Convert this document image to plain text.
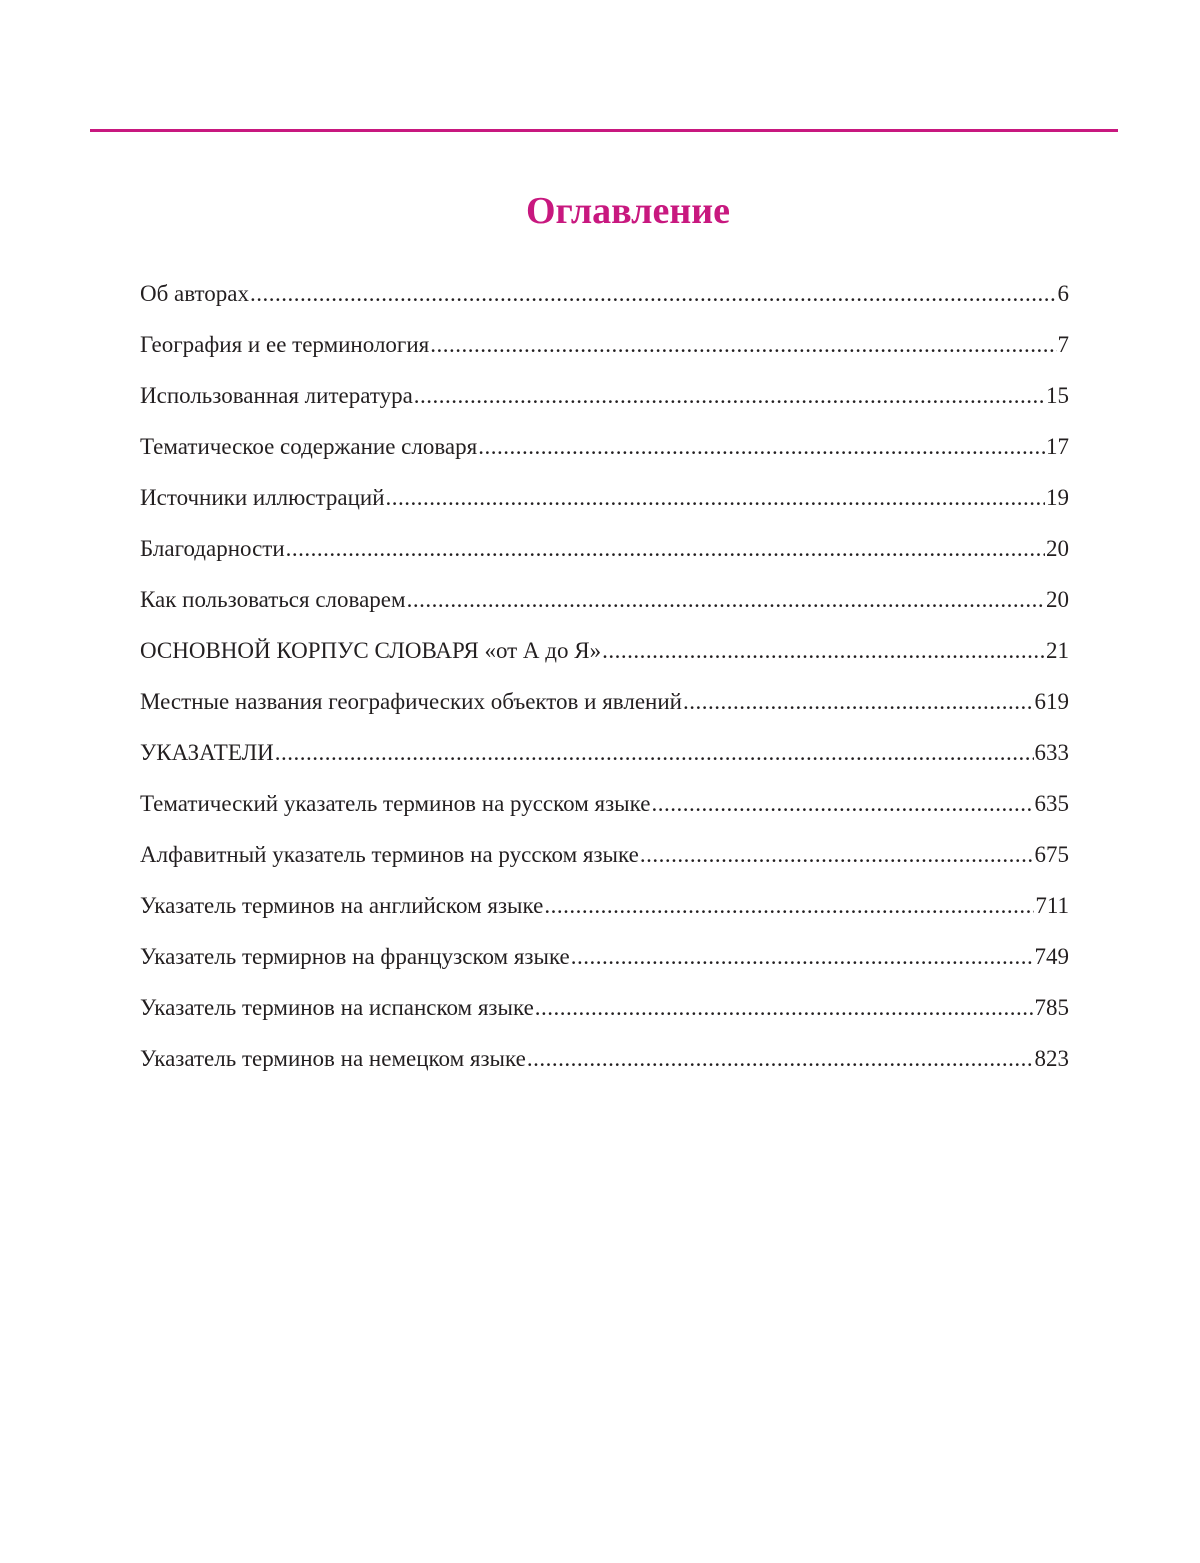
Оглавление
Об авторах .....	6
География и ее терминология .....	7
Использованная литература .....	15
Тематическое содержание словаря .....	17
Источники иллюстраций .....	19
Благодарности .....	20
Как пользоваться словарем .....	20
ОСНОВНОЙ КОРПУС СЛОВАРЯ «от А до Я» .....	21
Местные названия географических объектов и явлений .....	619
УКАЗАТЕЛИ .....	633
Тематический указатель терминов на русском языке .....	635
Алфавитный указатель терминов на русском языке .....	675
Указатель терминов на английском языке .....	711
Указатель термирнов на французском языке .....	749
Указатель терминов на испанском языке .....	785
Указатель терминов на немецком языке .....	823
